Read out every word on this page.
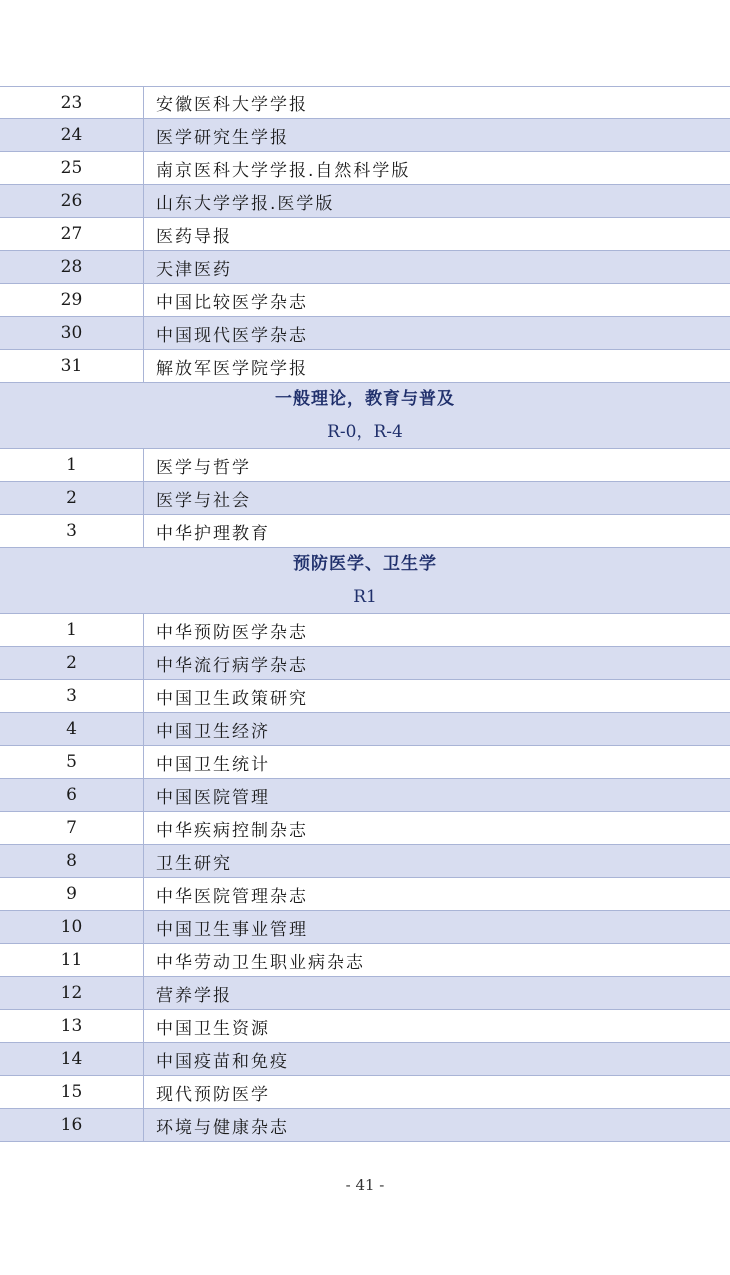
23	安徽医科大学学报
24	医学研究生学报
25	南京医科大学学报.自然科学版
26	山东大学学报.医学版
27	医药导报
28	天津医药
29	中国比较医学杂志
30	中国现代医学杂志
31	解放军医学院学报
一般理论，教育与普及
R-0，R-4
1	医学与哲学
2	医学与社会
3	中华护理教育
预防医学、卫生学
R1
1	中华预防医学杂志
2	中华流行病学杂志
3	中国卫生政策研究
4	中国卫生经济
5	中国卫生统计
6	中国医院管理
7	中华疾病控制杂志
8	卫生研究
9	中华医院管理杂志
10	中国卫生事业管理
11	中华劳动卫生职业病杂志
12	营养学报
13	中国卫生资源
14	中国疫苗和免疫
15	现代预防医学
16	环境与健康杂志
- 41 -
